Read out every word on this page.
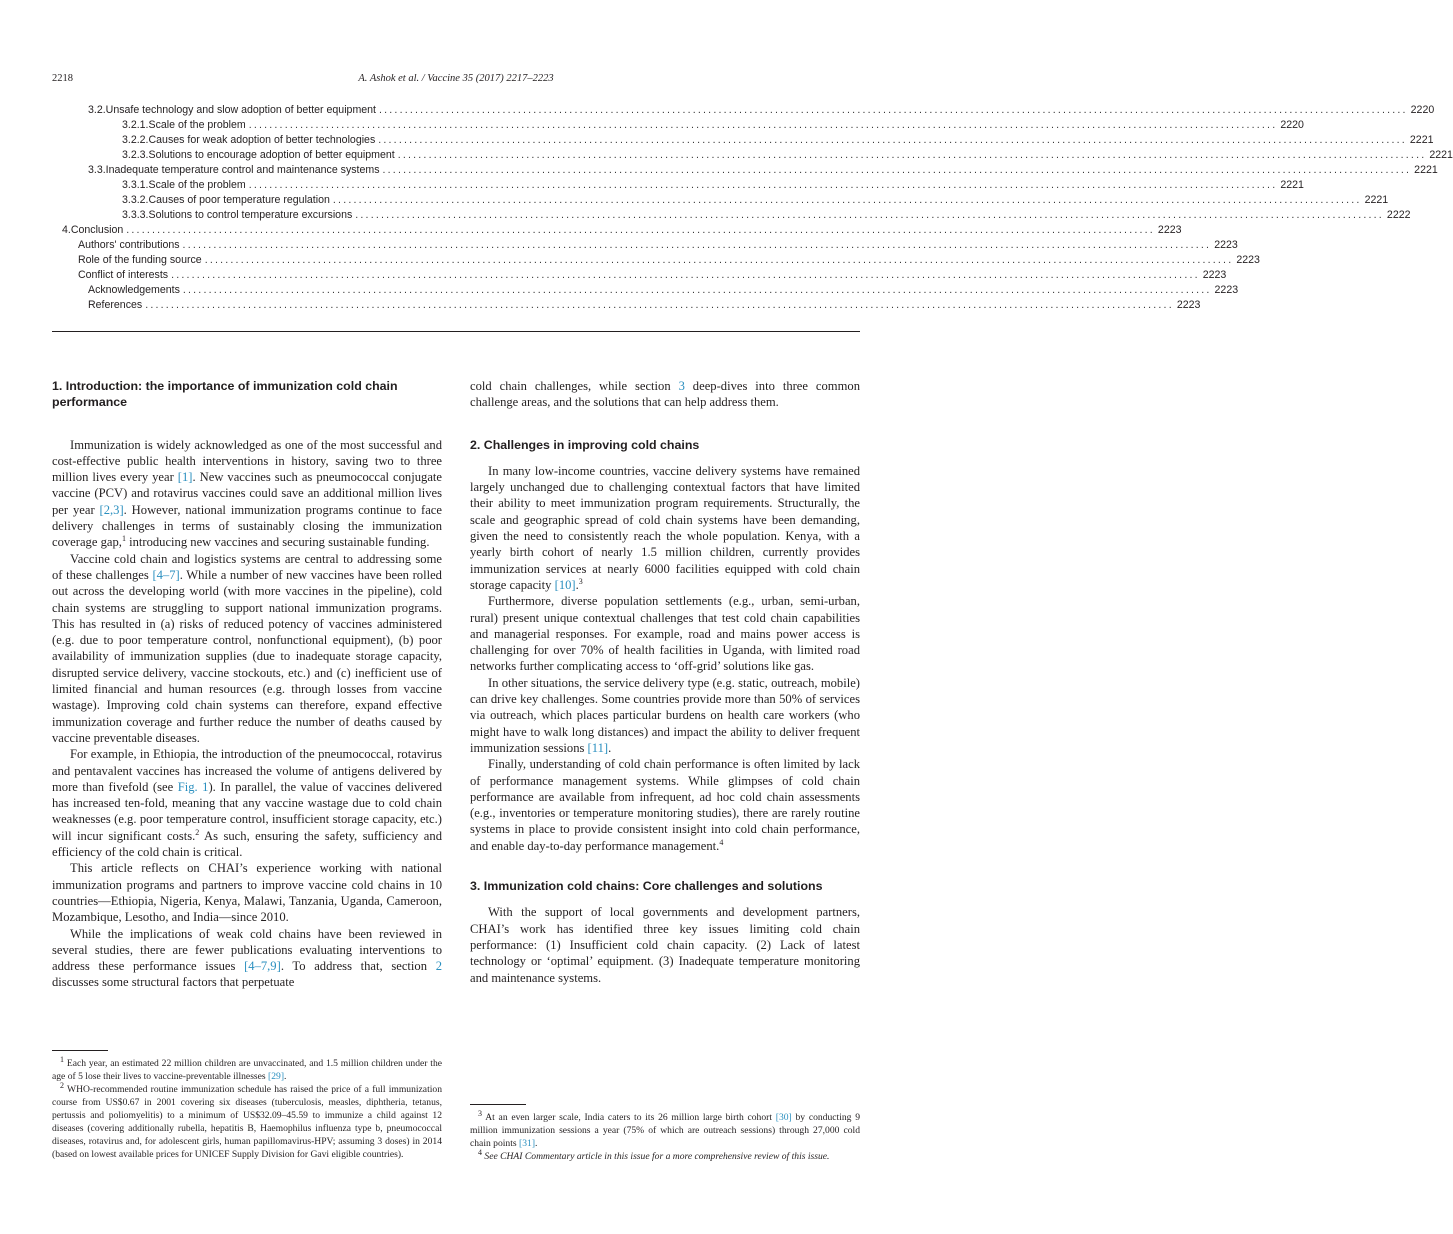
2218	A. Ashok et al. / Vaccine 35 (2017) 2217–2223
3.2. Unsafe technology and slow adoption of better equipment ........................................................................................................................................................................................................ 2220
3.2.1. Scale of the problem ........................................................................................................................................................................................................ 2220
3.2.2. Causes for weak adoption of better technologies ........................................................................................................................................................................................................ 2221
3.2.3. Solutions to encourage adoption of better equipment ........................................................................................................................................................................................................ 2221
3.3. Inadequate temperature control and maintenance systems ........................................................................................................................................................................................................ 2221
3.3.1. Scale of the problem ........................................................................................................................................................................................................ 2221
3.3.2. Causes of poor temperature regulation ........................................................................................................................................................................................................ 2221
3.3.3. Solutions to control temperature excursions ........................................................................................................................................................................................................ 2222
4. Conclusion ........................................................................................................................................................................................................ 2223
Authors' contributions ........................................................................................................................................................................................................ 2223
Role of the funding source ........................................................................................................................................................................................................ 2223
Conflict of interests ........................................................................................................................................................................................................ 2223
Acknowledgements ........................................................................................................................................................................................................ 2223
References ........................................................................................................................................................................................................ 2223
1. Introduction: the importance of immunization cold chain performance

Immunization is widely acknowledged as one of the most successful and cost-effective public health interventions in history, saving two to three million lives every year [1]. New vaccines such as pneumococcal conjugate vaccine (PCV) and rotavirus vaccines could save an additional million lives per year [2,3]. However, national immunization programs continue to face delivery challenges in terms of sustainably closing the immunization coverage gap,$^1$ introducing new vaccines and securing sustainable funding.

Vaccine cold chain and logistics systems are central to addressing some of these challenges [4–7]. While a number of new vaccines have been rolled out across the developing world (with more vaccines in the pipeline), cold chain systems are struggling to support national immunization programs. This has resulted in (a) risks of reduced potency of vaccines administered (e.g. due to poor temperature control, nonfunctional equipment), (b) poor availability of immunization supplies (due to inadequate storage capacity, disrupted service delivery, vaccine stockouts, etc.) and (c) inefficient use of limited financial and human resources (e.g. through losses from vaccine wastage). Improving cold chain systems can therefore, expand effective immunization coverage and further reduce the number of deaths caused by vaccine preventable diseases.

For example, in Ethiopia, the introduction of the pneumococcal, rotavirus and pentavalent vaccines has increased the volume of antigens delivered by more than fivefold (see Fig. 1). In parallel, the value of vaccines delivered has increased ten-fold, meaning that any vaccine wastage due to cold chain weaknesses (e.g. poor temperature control, insufficient storage capacity, etc.) will incur significant costs.$^2$ As such, ensuring the safety, sufficiency and efficiency of the cold chain is critical.

This article reflects on CHAI’s experience working with national immunization programs and partners to improve vaccine cold chains in 10 countries—Ethiopia, Nigeria, Kenya, Malawi, Tanzania, Uganda, Cameroon, Mozambique, Lesotho, and India—since 2010.

While the implications of weak cold chains have been reviewed in several studies, there are fewer publications evaluating interventions to address these performance issues [4–7,9]. To address that, section 2 discusses some structural factors that perpetuate

$^1$ Each year, an estimated 22 million children are unvaccinated, and 1.5 million children under the age of 5 lose their lives to vaccine-preventable illnesses [29].

$^2$ WHO-recommended routine immunization schedule has raised the price of a full immunization course from US$0.67 in 2001 covering six diseases (tuberculosis, measles, diphtheria, tetanus, pertussis and poliomyelitis) to a minimum of US$32.09–45.59 to immunize a child against 12 diseases (covering additionally rubella, hepatitis B, Haemophilus influenza type b, pneumococcal diseases, rotavirus and, for adolescent girls, human papillomavirus-HPV; assuming 3 doses) in 2014 (based on lowest available prices for UNICEF Supply Division for Gavi eligible countries).

cold chain challenges, while section 3 deep-dives into three common challenge areas, and the solutions that can help address them.

2. Challenges in improving cold chains

In many low-income countries, vaccine delivery systems have remained largely unchanged due to challenging contextual factors that have limited their ability to meet immunization program requirements. Structurally, the scale and geographic spread of cold chain systems have been demanding, given the need to consistently reach the whole population. Kenya, with a yearly birth cohort of nearly 1.5 million children, currently provides immunization services at nearly 6000 facilities equipped with cold chain storage capacity [10].$^3$

Furthermore, diverse population settlements (e.g., urban, semi-urban, rural) present unique contextual challenges that test cold chain capabilities and managerial responses. For example, road and mains power access is challenging for over 70% of health facilities in Uganda, with limited road networks further complicating access to ‘off-grid’ solutions like gas.

In other situations, the service delivery type (e.g. static, outreach, mobile) can drive key challenges. Some countries provide more than 50% of services via outreach, which places particular burdens on health care workers (who might have to walk long distances) and impact the ability to deliver frequent immunization sessions [11].

Finally, understanding of cold chain performance is often limited by lack of performance management systems. While glimpses of cold chain performance are available from infrequent, ad hoc cold chain assessments (e.g., inventories or temperature monitoring studies), there are rarely routine systems in place to provide consistent insight into cold chain performance, and enable day-to-day performance management.$^4$

3. Immunization cold chains: Core challenges and solutions

With the support of local governments and development partners, CHAI’s work has identified three key issues limiting cold chain performance: (1) Insufficient cold chain capacity. (2) Lack of latest technology or ‘optimal’ equipment. (3) Inadequate temperature monitoring and maintenance systems.

$^3$ At an even larger scale, India caters to its 26 million large birth cohort [30] by conducting 9 million immunization sessions a year (75% of which are outreach sessions) through 27,000 cold chain points [31].

$^4$ See CHAI Commentary article in this issue for a more comprehensive review of this issue.
